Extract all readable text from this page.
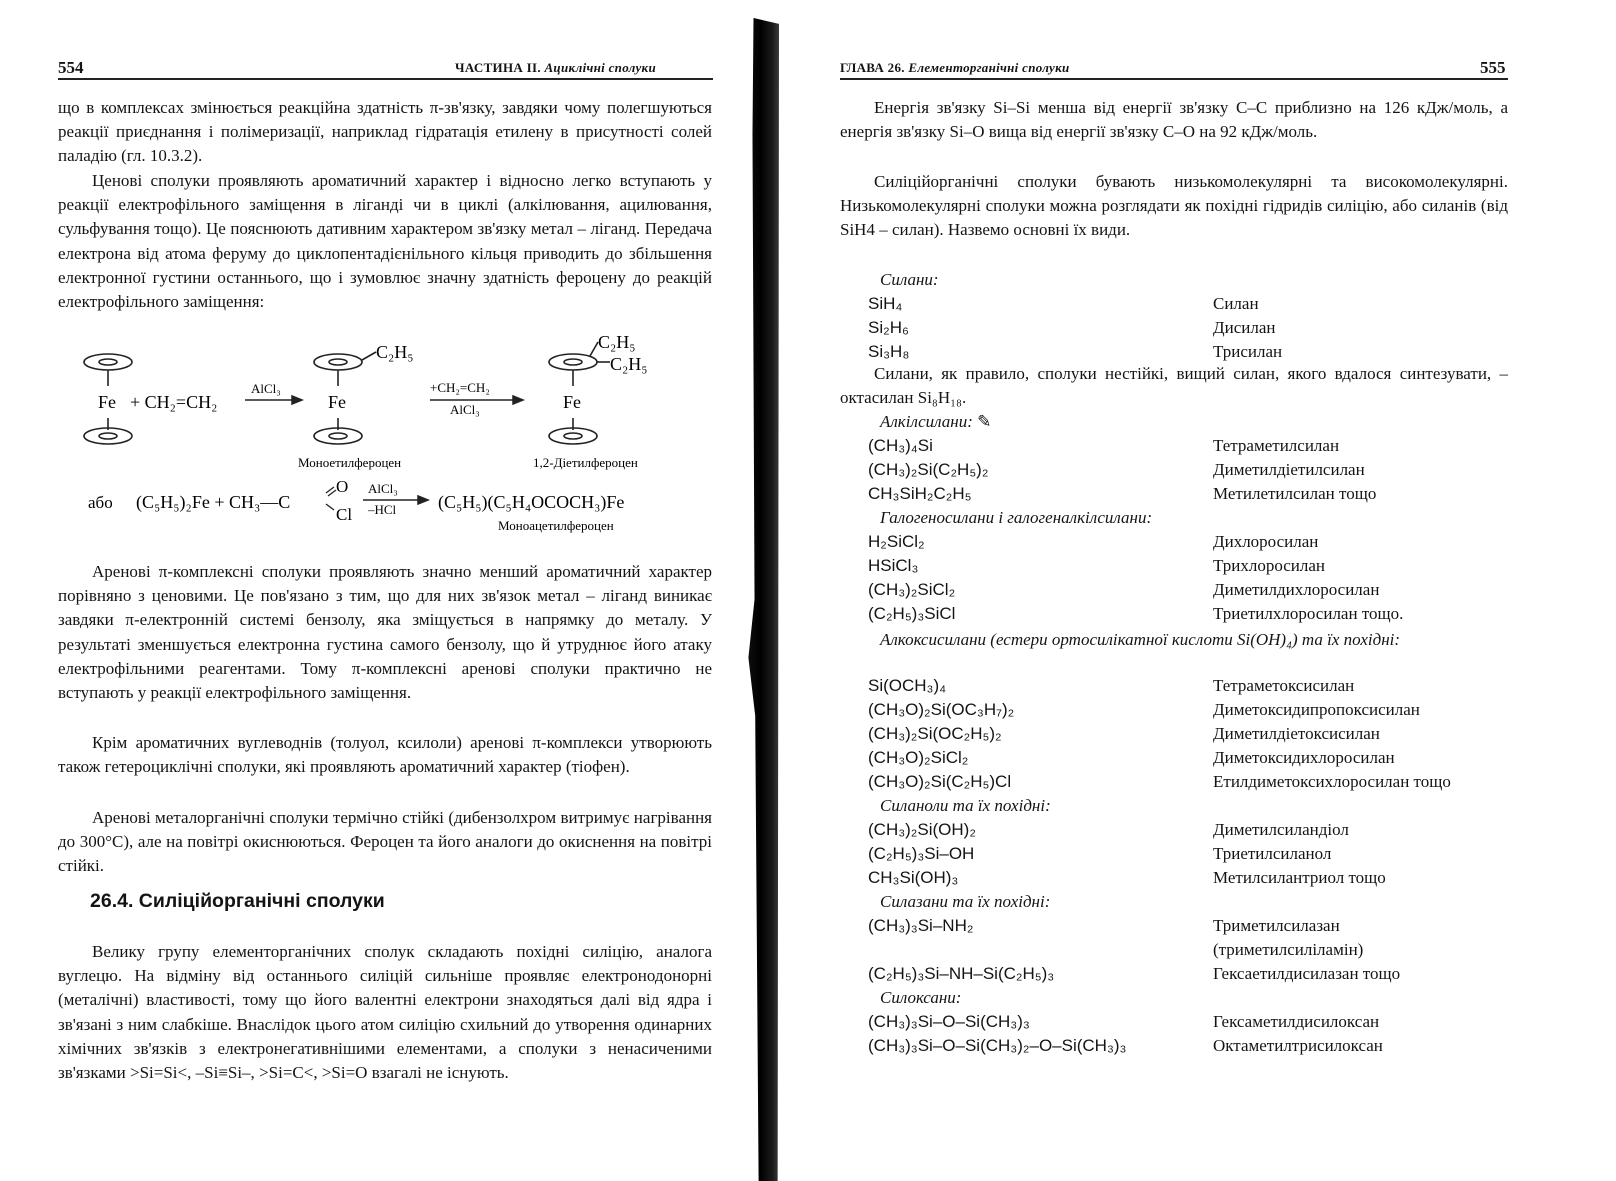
554	ЧАСТИНА ІІ. Ациклічні сполуки
що в комплексах змінюється реакційна здатність π-зв'язку, завдяки чому полегшуються реакції приєднання і полімеризації, наприклад гідратація етилену в присутності солей паладію (гл. 10.3.2).
Ценові сполуки проявляють ароматичний характер і відносно легко вступають у реакції електрофільного заміщення в ліганді чи в циклі (алкілювання, ацилювання, сульфування тощо). Це пояснюють дативним характером зв'язку метал – ліганд. Передача електрона від атома феруму до циклопентадієнільного кільця приводить до збільшення електронної густини останнього, що і зумовлює значну здатність фероцену до реакцій електрофільного заміщення:
Fe + CH₂=CH₂
AlCl₃
C₂H₅
Fe
Моноетилфероцен
+CH₂=CH₂
AlCl₃
C₂H₅
C₂H₅
Fe
1,2-Діетилфероцен
або (C₅H₅)₂Fe + CH₃—C
O
Cl
AlCl₃
–HCl (C₅H₅)(C₅H₄OCOCH₃)Fe
Моноацетилфероцен
Аренові π-комплексні сполуки проявляють значно менший ароматичний характер порівняно з ценовими. Це пов'язано з тим, що для них зв'язок метал – ліганд виникає завдяки π-електронній системі бензолу, яка зміщується в напрямку до металу. У результаті зменшується електронна густина самого бензолу, що й утруднює його атаку електрофільними реагентами. Тому π-комплексні аренові сполуки практично не вступають у реакції електрофільного заміщення.
Крім ароматичних вуглеводнів (толуол, ксилоли) аренові π-комплекси утворюють також гетероциклічні сполуки, які проявляють ароматичний характер (тіофен).
Аренові металорганічні сполуки термічно стійкі (дибензолхром витримує нагрівання до 300°С), але на повітрі окиснюються. Фероцен та його аналоги до окиснення на повітрі стійкі.
26.4. Силіційорганічні сполуки
Велику групу елементорганічних сполук складають похідні силіцію, аналога вуглецю. На відміну від останнього силіцій сильніше проявляє електронодонорні (металічні) властивості, тому що його валентні електрони знаходяться далі від ядра і зв'язані з ним слабкіше. Внаслідок цього атом силіцію схильний до утворення одинарних хімічних зв'язків з електронегативнішими елементами, а сполуки з ненасиченими зв'язками >Si=Si<, –Si≡Si–, >Si=C<, >Si=O взагалі не існують.
ГЛАВА 26. Елементорганічні сполуки	555
Енергія зв'язку Si–Si менша від енергії зв'язку С–С приблизно на 126 кДж/моль, а енергія зв'язку Si–O вища від енергії зв'язку С–О на 92 кДж/моль.
Силіційорганічні сполуки бувають низькомолекулярні та високомолекулярні. Низькомолекулярні сполуки можна розглядати як похідні гідридів силіцію, або силанів (від SiH4 – силан). Назвемо основні їх види.
Силани:
SiH₄	Силан
Si₂H₆	Дисилан
Si₃H₈	Трисилан
Силани, як правило, сполуки нестійкі, вищий силан, якого вдалося синтезувати, – октасилан Si₈H₁₈.
Алкілсилани: ✎
(CH₃)₄Si	Тетраметилсилан
(CH₃)₂Si(C₂H₅)₂	Диметилдіетилсилан
CH₃SiH₂C₂H₅	Метилетилсилан тощо
Галогеносилани і галогеналкілсилани:
H₂SiCl₂	Дихлоросилан
HSiCl₃	Трихлоросилан
(CH₃)₂SiCl₂	Диметилдихлоросилан
(C₂H₅)₃SiCl	Триетилхлоросилан тощо.
Алкоксисилани (естери ортосилікатної кислоти Si(OH)₄) та їх похідні:
Si(OCH₃)₄	Тетраметоксисилан
(CH₃O)₂Si(OC₃H₇)₂	Диметоксидипропоксисилан
(CH₃)₂Si(OC₂H₅)₂	Диметилдіетоксисилан
(CH₃O)₂SiCl₂	Диметоксидихлоросилан
(CH₃O)₂Si(C₂H₅)Cl	Етилдиметоксихлоросилан тощо
Силаноли та їх похідні:
(CH₃)₂Si(OH)₂	Диметилсиландіол
(C₂H₅)₃Si–OH	Триетилсиланол
CH₃Si(OH)₃	Метилсилантриол тощо
Силазани та їх похідні:
(CH₃)₃Si–NH₂	Триметилсилазан
(триметилсиліламін)
(C₂H₅)₃Si–NH–Si(C₂H₅)₃	Гексаетилдисилазан тощо
Силоксани:
(CH₃)₃Si–O–Si(CH₃)₃	Гексаметилдисилоксан
(CH₃)₃Si–O–Si(CH₃)₂–O–Si(CH₃)₃	Октаметилтрисилоксан
